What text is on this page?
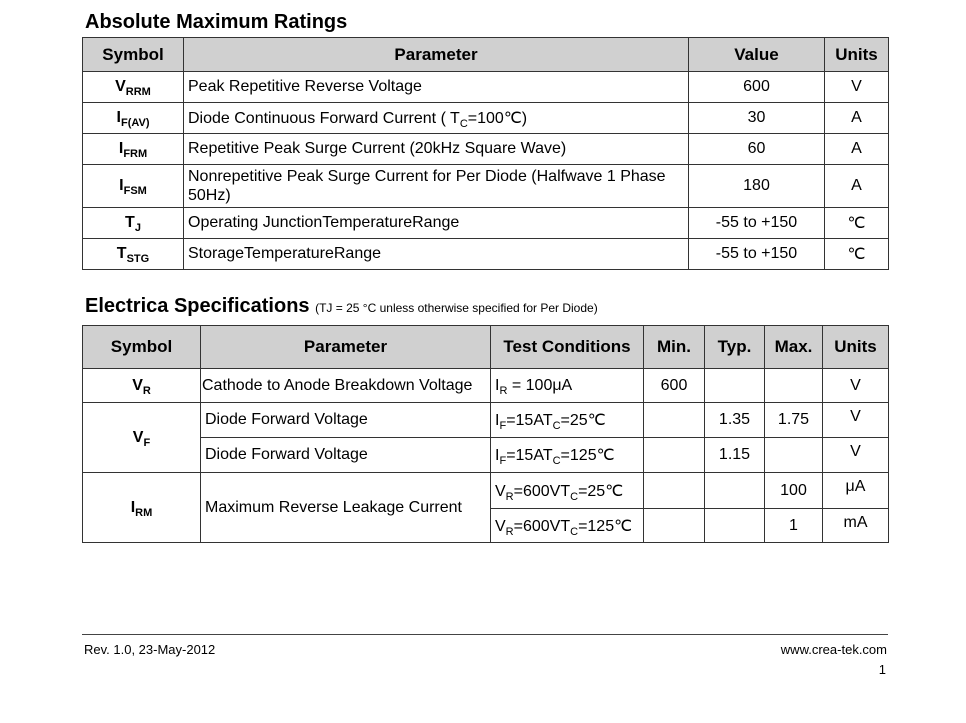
Absolute Maximum Ratings
Symbol	Parameter	Value	Units
$V_{RRM}$	Peak Repetitive Reverse Voltage	600	V
$I_{F(AV)}$	Diode Continuous Forward Current ( $T_C=100℃$)	30	A
$I_{FRM}$	Repetitive Peak Surge Current (20kHz Square Wave)	60	A
$I_{FSM}$	Nonrepetitive Peak Surge Current for Per Diode (Halfwave 1 Phase 50Hz)	180	A
$T_J$	Operating JunctionTemperatureRange	-55 to +150	℃
$T_{STG}$	StorageTemperatureRange	-55 to +150	℃
Electrica Specifications (TJ = 25 °C unless otherwise specified for Per Diode)
Symbol	Parameter	Test Conditions	Min.	Typ.	Max.	Units
$V_R$	Cathode to Anode Breakdown Voltage	$I_R = 100\mu A$	600			V
$V_F$	Diode Forward Voltage	$I_F=15AT_C=25℃$		1.35	1.75	V
	Diode Forward Voltage	$I_F=15AT_C=125℃$		1.15		V
$I_{RM}$	Maximum Reverse Leakage Current	$V_R=600VT_C=25℃$			100	μA
		$V_R=600VT_C=125℃$			1	mA
Rev. 1.0, 23-May-2012	www.crea-tek.com
1
